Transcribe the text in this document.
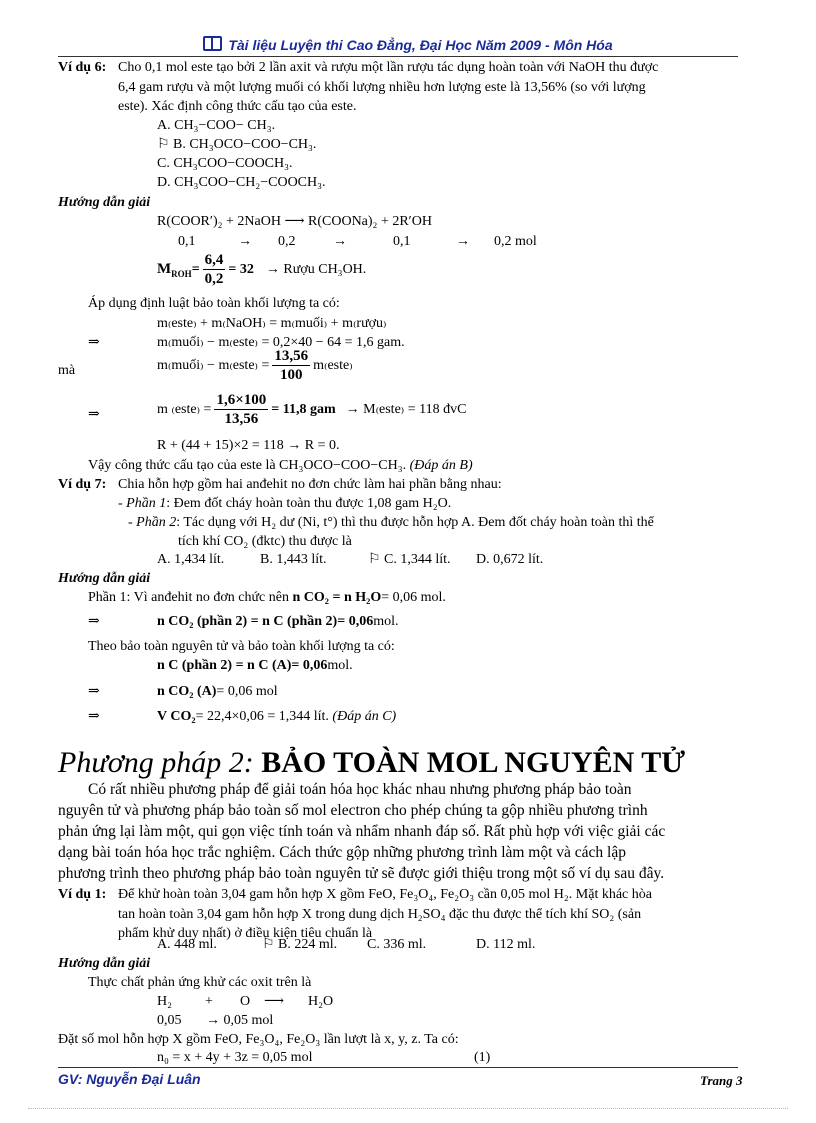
Tài liệu Luyện thi Cao Đẳng, Đại Học Năm 2009 - Môn Hóa
Ví dụ 6: Cho 0,1 mol este tạo bởi 2 lần axit và rượu một lần rượu tác dụng hoàn toàn với NaOH thu được
6,4 gam rượu và một lượng muối có khối lượng nhiều hơn lượng este là 13,56% (so với lượng
este). Xác định công thức cấu tạo của este.
A. CH₃−COO− CH₃.
⚐ B. CH₃OCO−COO−CH₃.
C. CH₃COO−COOCH₃.
D. CH₃COO−CH₂−COOCH₃.
Hướng dẫn giải
R(COOR′)₂ + 2NaOH ⟶ R(COONa)₂ + 2R′OH
0,1	→ 0,2	→	0,1	→ 0,2 mol
$M_{ROH}= \frac{6,4}{0,2} = 32$ → Rượu CH₃OH.
Áp dụng định luật bảo toàn khối lượng ta có:
m₍este₎ + m₍NaOH₎ = m₍muối₎ + m₍rượu₎
⇒	m₍muối₎ − m₍este₎ = 0,2×40 − 64 = 1,6 gam.
mà	m₍muối₎ − m₍este₎ = $\frac{13,56}{100}$ m₍este₎
⇒	m ₍este₎ = $\frac{1,6\times 100}{13,56} = 11,8$ gam → M₍este₎ = 118 đvC
R + (44 + 15)×2 = 118 → R = 0.
Vậy công thức cấu tạo của este là CH₃OCO−COO−CH₃. (Đáp án B)
Ví dụ 7: Chia hỗn hợp gồm hai anđehit no đơn chức làm hai phần bằng nhau:
- Phần 1: Đem đốt cháy hoàn toàn thu được 1,08 gam H₂O.
- Phần 2: Tác dụng với H₂ dư (Ni, t°) thì thu được hỗn hợp A. Đem đốt cháy hoàn toàn thì thể
tích khí CO₂ (đktc) thu được là
A. 1,434 lít.	B. 1,443 lít.	⚐ C. 1,344 lít. D. 0,672 lít.
Hướng dẫn giải
Phần 1: Vì anđehit no đơn chức nên n CO₂ = n H₂O= 0,06 mol.
⇒	n CO₂ (phần 2) = n C (phần 2)= 0,06mol.
Theo bảo toàn nguyên tử và bảo toàn khối lượng ta có:
n C (phần 2) = n C (A)= 0,06mol.
⇒	n CO₂ (A)= 0,06 mol
⇒	V CO₂= 22,4×0,06 = 1,344 lít. (Đáp án C)
Phương pháp 2: BẢO TOÀN MOL NGUYÊN TỬ
Có rất nhiều phương pháp để giải toán hóa học khác nhau nhưng phương pháp bảo toàn
nguyên tử và phương pháp bảo toàn số mol electron cho phép chúng ta gộp nhiều phương trình
phản ứng lại làm một, qui gọn việc tính toán và nhẩm nhanh đáp số. Rất phù hợp với việc giải các
dạng bài toán hóa học trắc nghiệm. Cách thức gộp những phương trình làm một và cách lập
phương trình theo phương pháp bảo toàn nguyên tử sẽ được giới thiệu trong một số ví dụ sau đây.
Ví dụ 1: Để khử hoàn toàn 3,04 gam hỗn hợp X gồm FeO, Fe₃O₄, Fe₂O₃ cần 0,05 mol H₂. Mặt khác hòa
tan hoàn toàn 3,04 gam hỗn hợp X trong dung dịch H₂SO₄ đặc thu được thể tích khí SO₂ (sản
phẩm khử duy nhất) ở điều kiện tiêu chuẩn là
A. 448 ml.	⚐ B. 224 ml. C. 336 ml.	D. 112 ml.
Hướng dẫn giải
Thực chất phản ứng khử các oxit trên là
H₂ + O ⟶ H₂O
0,05 → 0,05 mol
Đặt số mol hỗn hợp X gồm FeO, Fe₃O₄, Fe₂O₃ lần lượt là x, y, z. Ta có:
n₀ = x + 4y + 3z = 0,05 mol	(1)
GV: Nguyễn Đại Luân	Trang 3
